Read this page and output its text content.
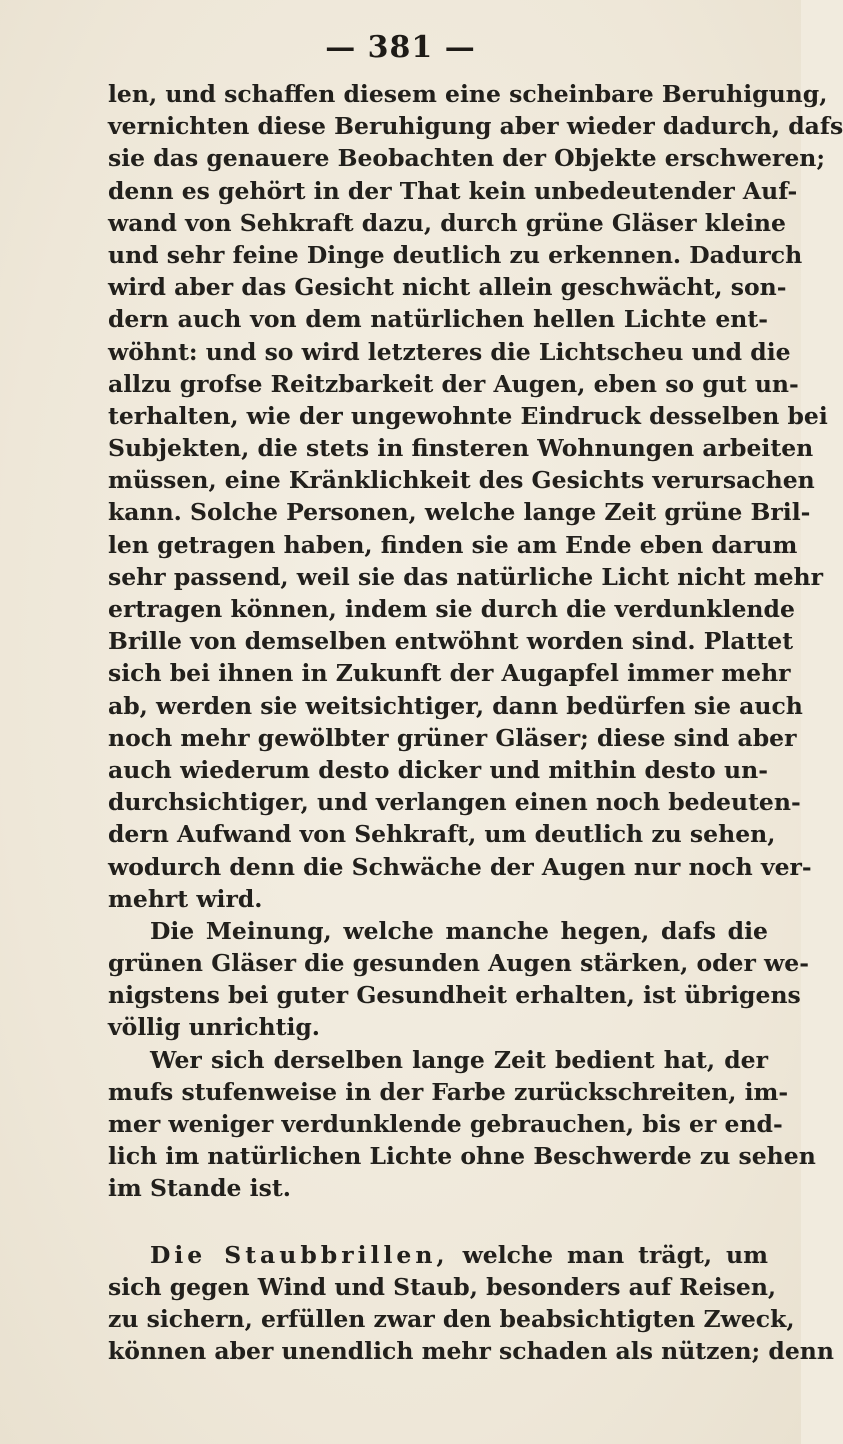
— 381 —
len, und schaffen diesem eine scheinbare Beruhigung,
vernichten diese Beruhigung aber wieder dadurch, dafs
sie das genauere Beobachten der Objekte erschweren;
denn es gehört in der That kein unbedeutender Auf-
wand von Sehkraft dazu, durch grüne Gläser kleine
und sehr feine Dinge deutlich zu erkennen. Dadurch
wird aber das Gesicht nicht allein geschwächt, son-
dern auch von dem natürlichen hellen Lichte ent-
wöhnt: und so wird letzteres die Lichtscheu und die
allzu grofse Reitzbarkeit der Augen, eben so gut un-
terhalten, wie der ungewohnte Eindruck desselben bei
Subjekten, die stets in finsteren Wohnungen arbeiten
müssen, eine Kränklichkeit des Gesichts verursachen
kann. Solche Personen, welche lange Zeit grüne Bril-
len getragen haben, finden sie am Ende eben darum
sehr passend, weil sie das natürliche Licht nicht mehr
ertragen können, indem sie durch die verdunklende
Brille von demselben entwöhnt worden sind. Plattet
sich bei ihnen in Zukunft der Augapfel immer mehr
ab, werden sie weitsichtiger, dann bedürfen sie auch
noch mehr gewölbter grüner Gläser; diese sind aber
auch wiederum desto dicker und mithin desto un-
durchsichtiger, und verlangen einen noch bedeuten-
dern Aufwand von Sehkraft, um deutlich zu sehen,
wodurch denn die Schwäche der Augen nur noch ver-
mehrt wird.
Die Meinung, welche manche hegen, dafs die
grünen Gläser die gesunden Augen stärken, oder we-
nigstens bei guter Gesundheit erhalten, ist übrigens
völlig unrichtig.
Wer sich derselben lange Zeit bedient hat, der
mufs stufenweise in der Farbe zurückschreiten, im-
mer weniger verdunklende gebrauchen, bis er end-
lich im natürlichen Lichte ohne Beschwerde zu sehen
im Stande ist.
Die Staubbrillen, welche man trägt, um
sich gegen Wind und Staub, besonders auf Reisen,
zu sichern, erfüllen zwar den beabsichtigten Zweck,
können aber unendlich mehr schaden als nützen; denn
